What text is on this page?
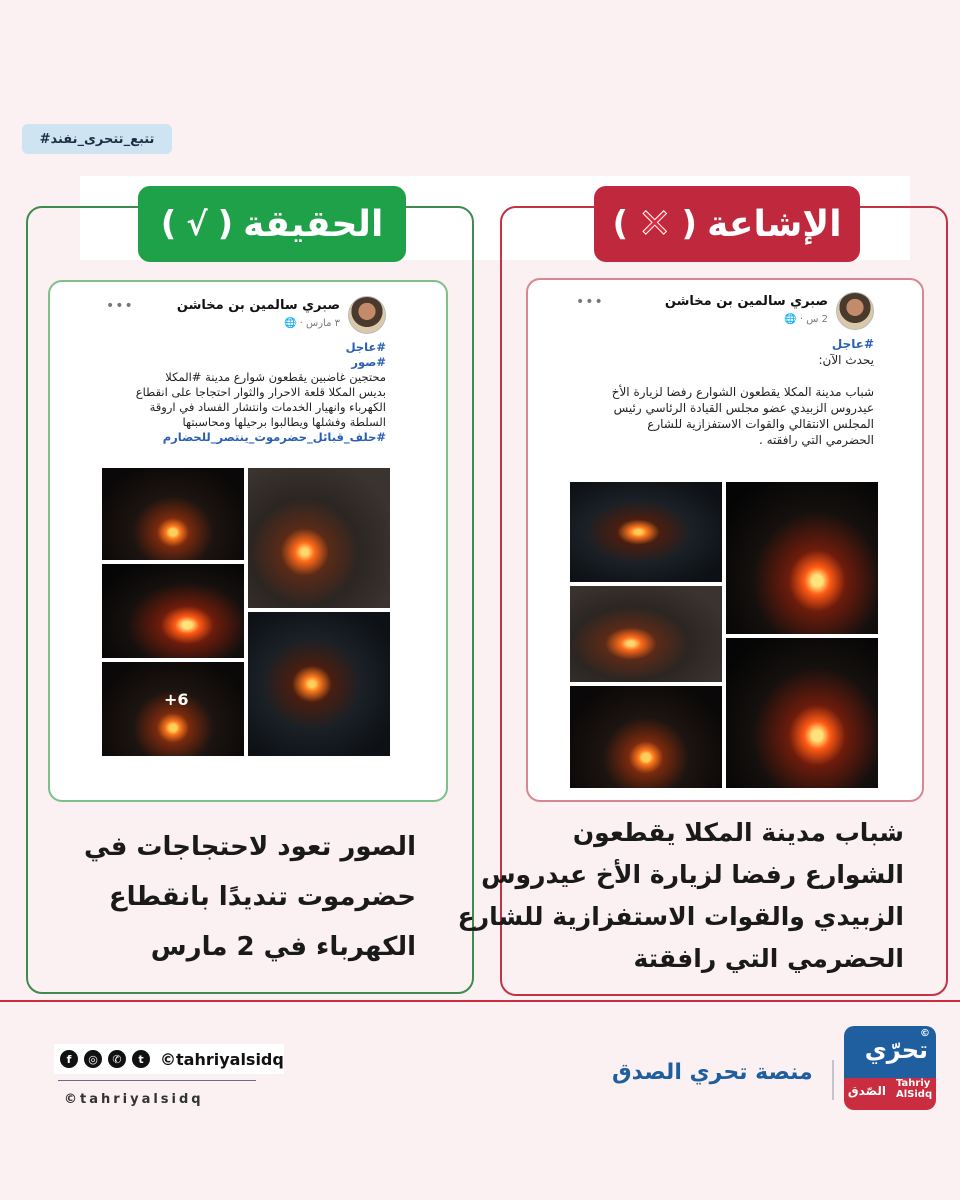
تتبع_تتحرى_نفند#
الحقيقة
(
√
)	الإشاعة
(
✕
)
صبري سالمين بن مخاشن
٣ مارس · 🌐
•••
#عاجل
#صور
محتجين غاضبين يقطعون شوارع مدينة #المكلا
بديس المكلا قلعة الاحرار والثوار احتجاجا على انقطاع
الكهرباء وانهيار الخدمات وانتشار الفساد في اروقة
السلطة وفشلها ويطالبوا برحيلها ومحاسبتها
#حلف_قبائل_حضرموت_ينتصر_للحضارم
+6
صبري سالمين بن مخاشن
2 س · 🌐
•••
#عاجل
يحدث الآن:
شباب مدينة المكلا يقطعون الشوارع رفضا لزيارة الأخ
عيدروس الزبيدي عضو مجلس القيادة الرئاسي رئيس
المجلس الانتقالي والقوات الاستفزازية للشارع
الحضرمي التي رافقته .
الصور تعود لاحتجاجات في
حضرموت تنديدًا بانقطاع
الكهرباء في 2 مارس
شباب مدينة المكلا يقطعون
الشوارع رفضا لزيارة الأخ عيدروس
الزبيدي والقوات الاستفزازية للشارع
الحضرمي التي رافقتة
f	◎	✆	t	©tahriyalsidq
©tahriyalsidq
منصة تحري الصدق
©
تحرّي
الصّدق
Tahriy AlSidq
